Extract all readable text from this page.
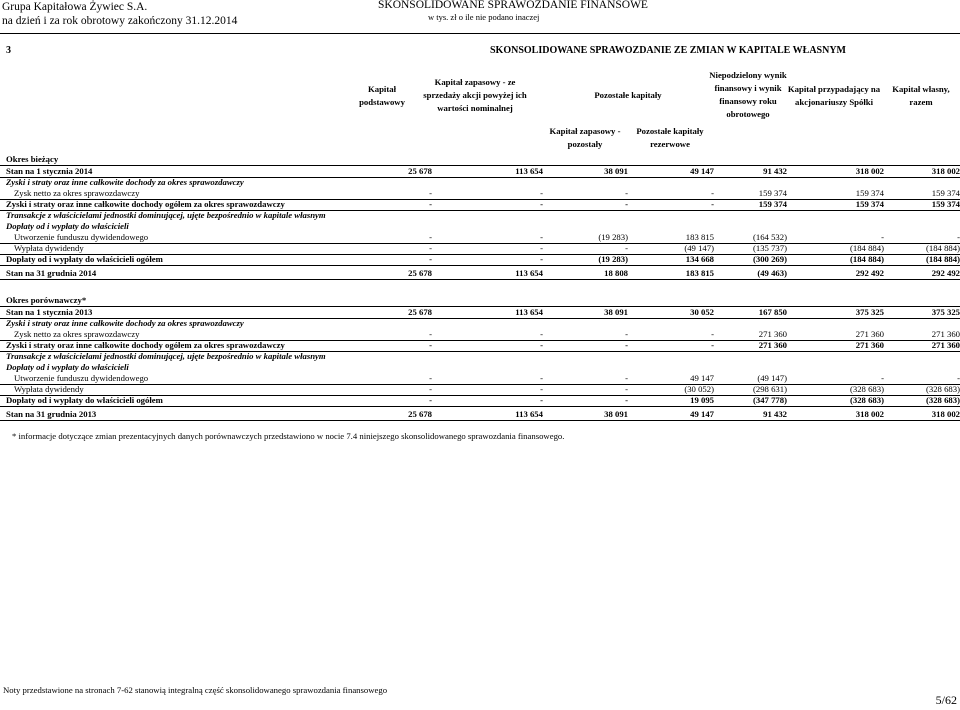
Grupa Kapitałowa Żywiec S.A.
na dzień i za rok obrotowy zakończony 31.12.2014
SKONSOLIDOWANE SPRAWOZDANIE FINANSOWE
w tys. zł o ile nie podano inaczej
3	SKONSOLIDOWANE SPRAWOZDANIE ZE ZMIAN W KAPITALE WŁASNYM
Kapitał podstawowy
Kapitał zapasowy - ze sprzedaży akcji powyżej ich wartości nominalnej
Pozostałe kapitały
Niepodzielony wynik finansowy i wynik finansowy roku obrotowego
Kapitał przypadający na akcjonariuszy Spółki
Kapitał własny, razem
Kapitał zapasowy - pozostały
Pozostałe kapitały rezerwowe
Okres bieżący
Stan na 1 stycznia 2014	25 678	113 654	38 091	49 147	91 432	318 002	318 002
Zyski i straty oraz inne całkowite dochody za okres sprawozdawczy
Zysk netto za okres sprawozdawczy	-	-	-	-	159 374	159 374	159 374
Zyski i straty oraz inne całkowite dochody ogółem za okres sprawozdawczy	-	-	-	-	159 374	159 374	159 374
Transakcje z właścicielami jednostki dominującej, ujęte bezpośrednio w kapitale własnym
Dopłaty od i wypłaty do właścicieli
Utworzenie funduszu dywidendowego	-	-	(19 283)	183 815	(164 532)	-	-
Wypłata dywidendy	-	-	-	(49 147)	(135 737)	(184 884)	(184 884)
Dopłaty od i wypłaty do właścicieli ogółem	-	-	(19 283)	134 668	(300 269)	(184 884)	(184 884)
Stan na 31 grudnia 2014	25 678	113 654	18 808	183 815	(49 463)	292 492	292 492
Okres porównawczy*
Stan na 1 stycznia 2013	25 678	113 654	38 091	30 052	167 850	375 325	375 325
Zyski i straty oraz inne całkowite dochody za okres sprawozdawczy
Zysk netto za okres sprawozdawczy	-	-	-	-	271 360	271 360	271 360
Zyski i straty oraz inne całkowite dochody ogółem za okres sprawozdawczy	-	-	-	-	271 360	271 360	271 360
Transakcje z właścicielami jednostki dominującej, ujęte bezpośrednio w kapitale własnym
Dopłaty od i wypłaty do właścicieli
Utworzenie funduszu dywidendowego	-	-	-	49 147	(49 147)	-	-
Wypłata dywidendy	-	-	-	(30 052)	(298 631)	(328 683)	(328 683)
Dopłaty od i wypłaty do właścicieli ogółem	-	-	-	19 095	(347 778)	(328 683)	(328 683)
Stan na 31 grudnia 2013	25 678	113 654	38 091	49 147	91 432	318 002	318 002
* informacje dotyczące zmian prezentacyjnych danych porównawczych przedstawiono w nocie 7.4 niniejszego skonsolidowanego sprawozdania finansowego.
Noty przedstawione na stronach 7-62 stanowią integralną część skonsolidowanego sprawozdania finansowego
5/62
